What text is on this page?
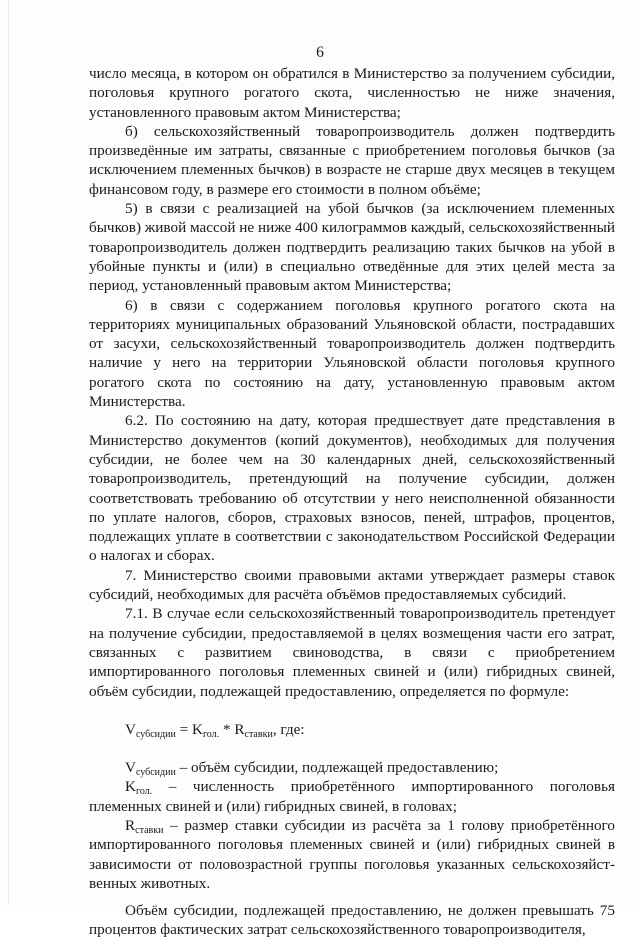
6

число месяца, в котором он обратился в Министерство за получением субсидии, поголовья крупного рогатого скота, численностью не ниже значения, установленного правовым актом Министерства;

б) сельскохозяйственный товаропроизводитель должен подтвердить произведённые им затраты, связанные с приобретением поголовья бычков (за исключением племенных бычков) в возрасте не старше двух месяцев в текущем финансовом году, в размере его стоимости в полном объёме;

5) в связи с реализацией на убой бычков (за исключением племенных бычков) живой массой не ниже 400 килограммов каждый, сельскохозяйственный товаропроизводитель должен подтвердить реализацию таких бычков на убой в убойные пункты и (или) в специально отведённые для этих целей места за период, установленный правовым актом Министерства;

6) в связи с содержанием поголовья крупного рогатого скота на территориях муниципальных образований Ульяновской области, пострадавших от засухи, сельскохозяйственный товаропроизводитель должен подтвердить наличие у него на территории Ульяновской области поголовья крупного рогатого скота по состоянию на дату, установленную правовым актом Министерства.

6.2. По состоянию на дату, которая предшествует дате представления в Министерство документов (копий документов), необходимых для получения субсидии, не более чем на 30 календарных дней, сельскохозяйственный товаропроизводитель, претендующий на получение субсидии, должен соответствовать требованию об отсутствии у него неисполненной обязанности по уплате налогов, сборов, страховых взносов, пеней, штрафов, процентов, подлежащих уплате в соответствии с законодательством Российской Федерации о налогах и сборах.

7. Министерство своими правовыми актами утверждает размеры ставок субсидий, необходимых для расчёта объёмов предоставляемых субсидий.

7.1. В случае если сельскохозяйственный товаропроизводитель претендует на получение субсидии, предоставляемой в целях возмещения части его затрат, связанных с развитием свиноводства, в связи с приобретением импортированного поголовья племенных свиней и (или) гибридных свиней, объём субсидии, подлежащей предоставлению, определяется по формуле:

$V_{субсидии} = K_{гол.} * R_{ставки}$, где:

$V_{субсидии}$ – объём субсидии, подлежащей предоставлению;

$K_{гол.}$ – численность приобретённого импортированного поголовья племенных свиней и (или) гибридных свиней, в головах;

$R_{ставки}$ – размер ставки субсидии из расчёта за 1 голову приобретённого импортированного поголовья племенных свиней и (или) гибридных свиней в зависимости от половозрастной группы поголовья указанных сельскохозяйственных животных.

Объём субсидии, подлежащей предоставлению, не должен превышать 75 процентов фактических затрат сельскохозяйственного товаропроизводителя,
